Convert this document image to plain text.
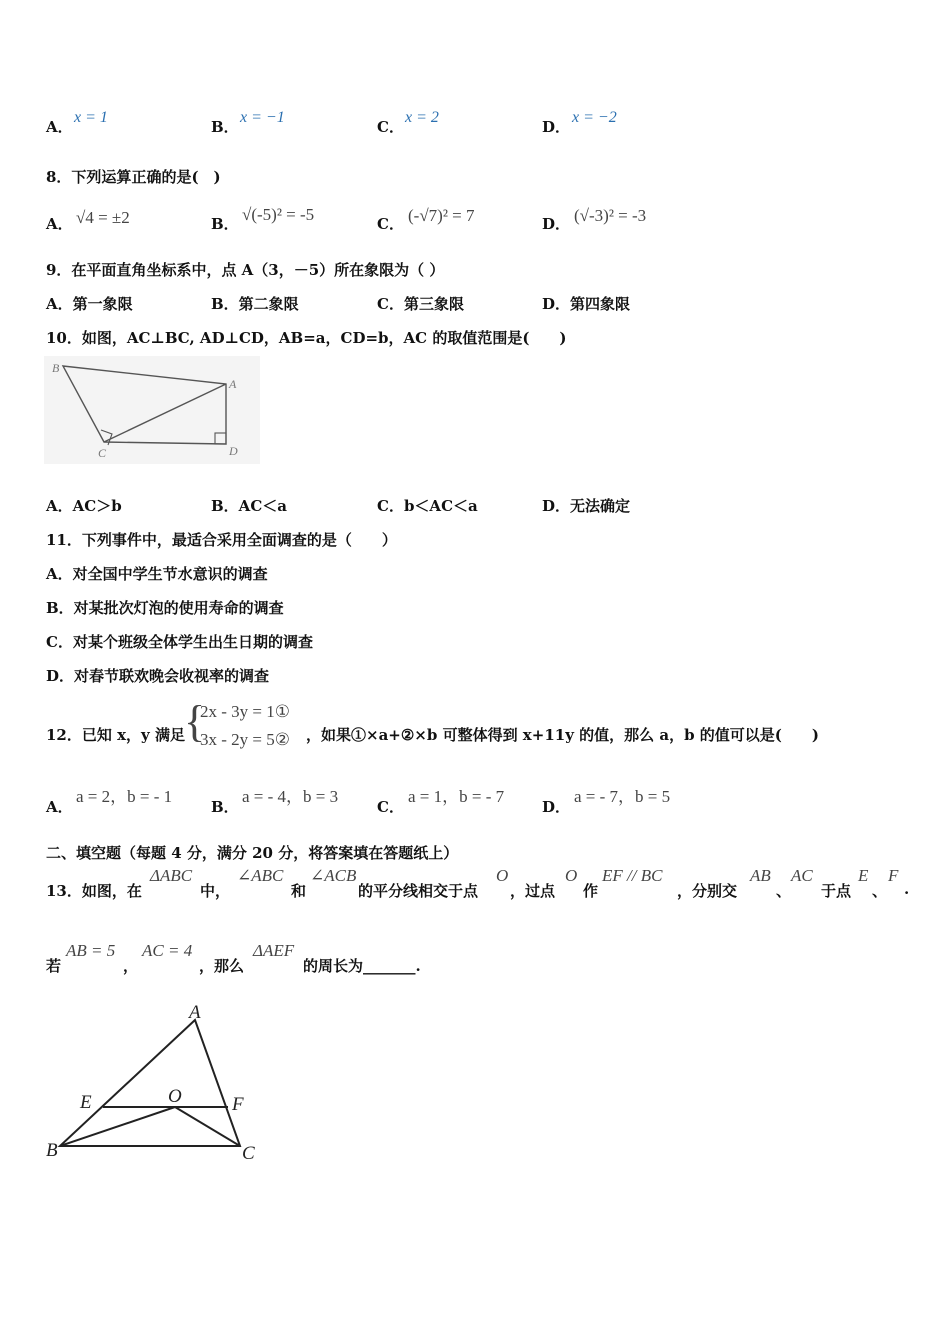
A．
x = 1
B．
x = −1
C．
x = 2
D．
x = −2
8．下列运算正确的是(　)
A． √4 = ±2	B． √(-5)² = -5	C． (-√7)² = 7	D． (√-3)² = -3
9．在平面直角坐标系中，点 A（3，－5）所在象限为（ ）
A．第一象限	B．第二象限	C．第三象限	D．第四象限
10．如图，AC⊥BC, AD⊥CD，AB=a，CD=b，AC 的取值范围是(　　)
B
A
C	D
A．AC＞b	B．AC＜a	C．b＜AC＜a	D．无法确定
11．下列事件中，最适合采用全面调查的是（　　）
A．对全国中学生节水意识的调查
B．对某批次灯泡的使用寿命的调查
C．对某个班级全体学生出生日期的调查
D．对春节联欢晚会收视率的调查
12．已知 x，y 满足 {
2x - 3y = 1①
3x - 2y = 5② ，如果①×a+②×b 可整体得到 x+11y 的值，那么 a，b 的值可以是(　　)
A．
a = 2，b = - 1
B．
a = - 4，b = 3
C．
a = 1，b = - 7
D．
a = - 7，b = 5
二、填空题（每题 4 分，满分 20 分，将答案填在答题纸上）
13．如图，在
ΔABC
中，
∠ABC
和
∠ACB
的平分线相交于点
O
，过点
O
作
EF // BC
，分别交
AB
、
AC
于点
E
、
F
.
若
AB = 5
，
AC = 4
，那么
ΔAEF
的周长为_______.
A
E	O	F
B	C
